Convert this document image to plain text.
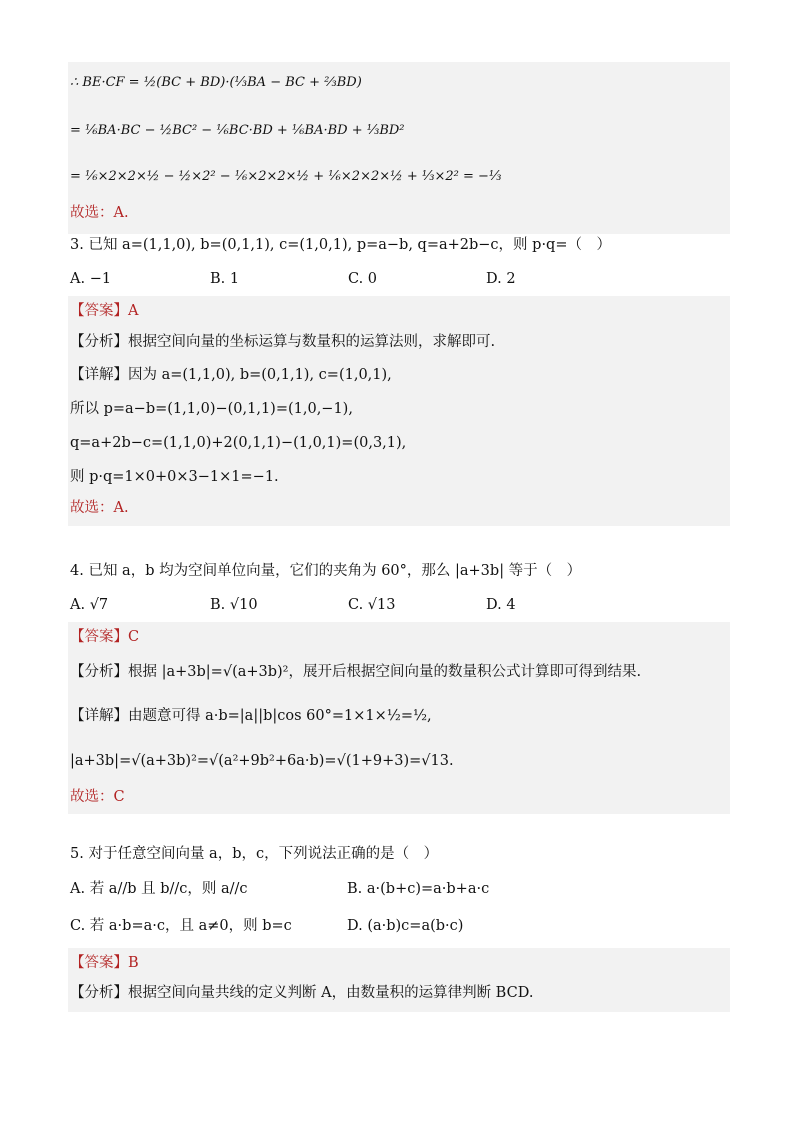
∴ BE·CF = ½(BC + BD)·(⅓BA − BC + ⅔BD)
= ⅙BA·BC − ½BC² − ⅙BC·BD + ⅙BA·BD + ⅓BD²
= ⅙×2×2×½ − ½×2² − ⅙×2×2×½ + ⅙×2×2×½ + ⅓×2² = −⅓
故选：A.
3. 已知 a=(1,1,0), b=(0,1,1), c=(1,0,1), p=a−b, q=a+2b−c，则 p·q=（　）
A. −1	B. 1	C. 0	D. 2
【答案】A
【分析】根据空间向量的坐标运算与数量积的运算法则，求解即可.
【详解】因为 a=(1,1,0), b=(0,1,1), c=(1,0,1),
所以 p=a−b=(1,1,0)−(0,1,1)=(1,0,−1),
q=a+2b−c=(1,1,0)+2(0,1,1)−(1,0,1)=(0,3,1),
则 p·q=1×0+0×3−1×1=−1.
故选：A.
4. 已知 a，b 均为空间单位向量，它们的夹角为 60°，那么 |a+3b| 等于（　）
A. √7	B. √10	C. √13	D. 4
【答案】C
【分析】根据 |a+3b|=√(a+3b)²，展开后根据空间向量的数量积公式计算即可得到结果.
【详解】由题意可得 a·b=|a||b|cos 60°=1×1×½=½,
|a+3b|=√(a+3b)²=√(a²+9b²+6a·b)=√(1+9+3)=√13.
故选：C
5. 对于任意空间向量 a，b，c，下列说法正确的是（　）
A. 若 a//b 且 b//c，则 a//c	B. a·(b+c)=a·b+a·c
C. 若 a·b=a·c，且 a≠0，则 b=c	D. (a·b)c=a(b·c)
【答案】B
【分析】根据空间向量共线的定义判断 A，由数量积的运算律判断 BCD.
